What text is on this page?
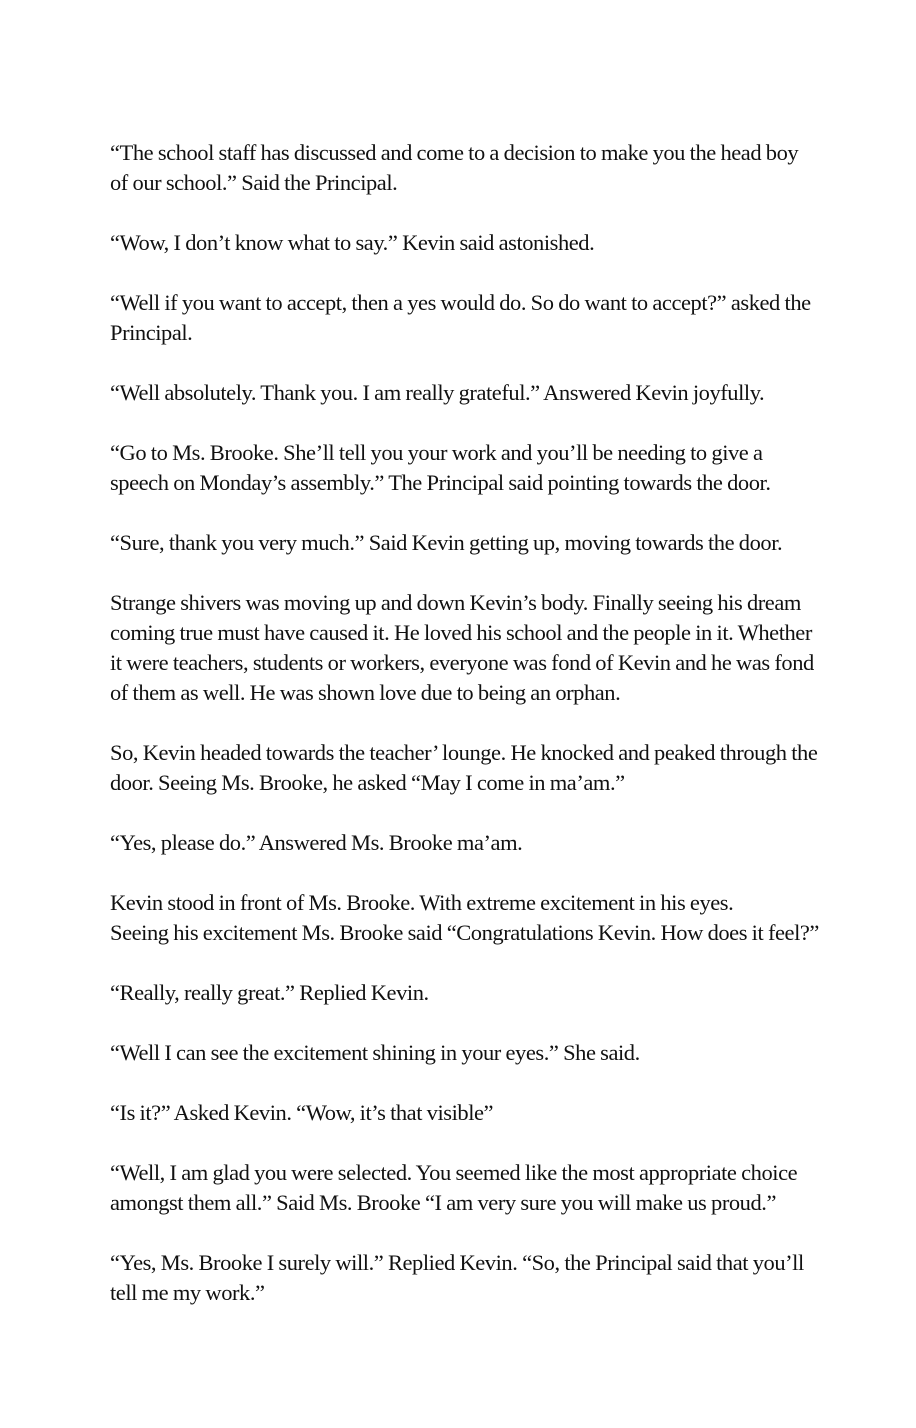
“The school staff has discussed and come to a decision to make you the head boy
of our school.” Said the Principal.

“Wow, I don’t know what to say.” Kevin said astonished.

“Well if you want to accept, then a yes would do. So do want to accept?” asked the
Principal.

“Well absolutely. Thank you. I am really grateful.” Answered Kevin joyfully.

“Go to Ms. Brooke. She’ll tell you your work and you’ll be needing to give a
speech on Monday’s assembly.” The Principal said pointing towards the door.

“Sure, thank you very much.” Said Kevin getting up, moving towards the door.

Strange shivers was moving up and down Kevin’s body. Finally seeing his dream
coming true must have caused it. He loved his school and the people in it. Whether
it were teachers, students or workers, everyone was fond of Kevin and he was fond
of them as well. He was shown love due to being an orphan.

So, Kevin headed towards the teacher’ lounge. He knocked and peaked through the
door. Seeing Ms. Brooke, he asked “May I come in ma’am.”

“Yes, please do.” Answered Ms. Brooke ma’am.

Kevin stood in front of Ms. Brooke. With extreme excitement in his eyes.
Seeing his excitement Ms. Brooke said “Congratulations Kevin. How does it feel?”

“Really, really great.” Replied Kevin.

“Well I can see the excitement shining in your eyes.” She said.

“Is it?” Asked Kevin. “Wow, it’s that visible”

“Well, I am glad you were selected. You seemed like the most appropriate choice
amongst them all.” Said Ms. Brooke “I am very sure you will make us proud.”

“Yes, Ms. Brooke I surely will.” Replied Kevin. “So, the Principal said that you’ll
tell me my work.”
